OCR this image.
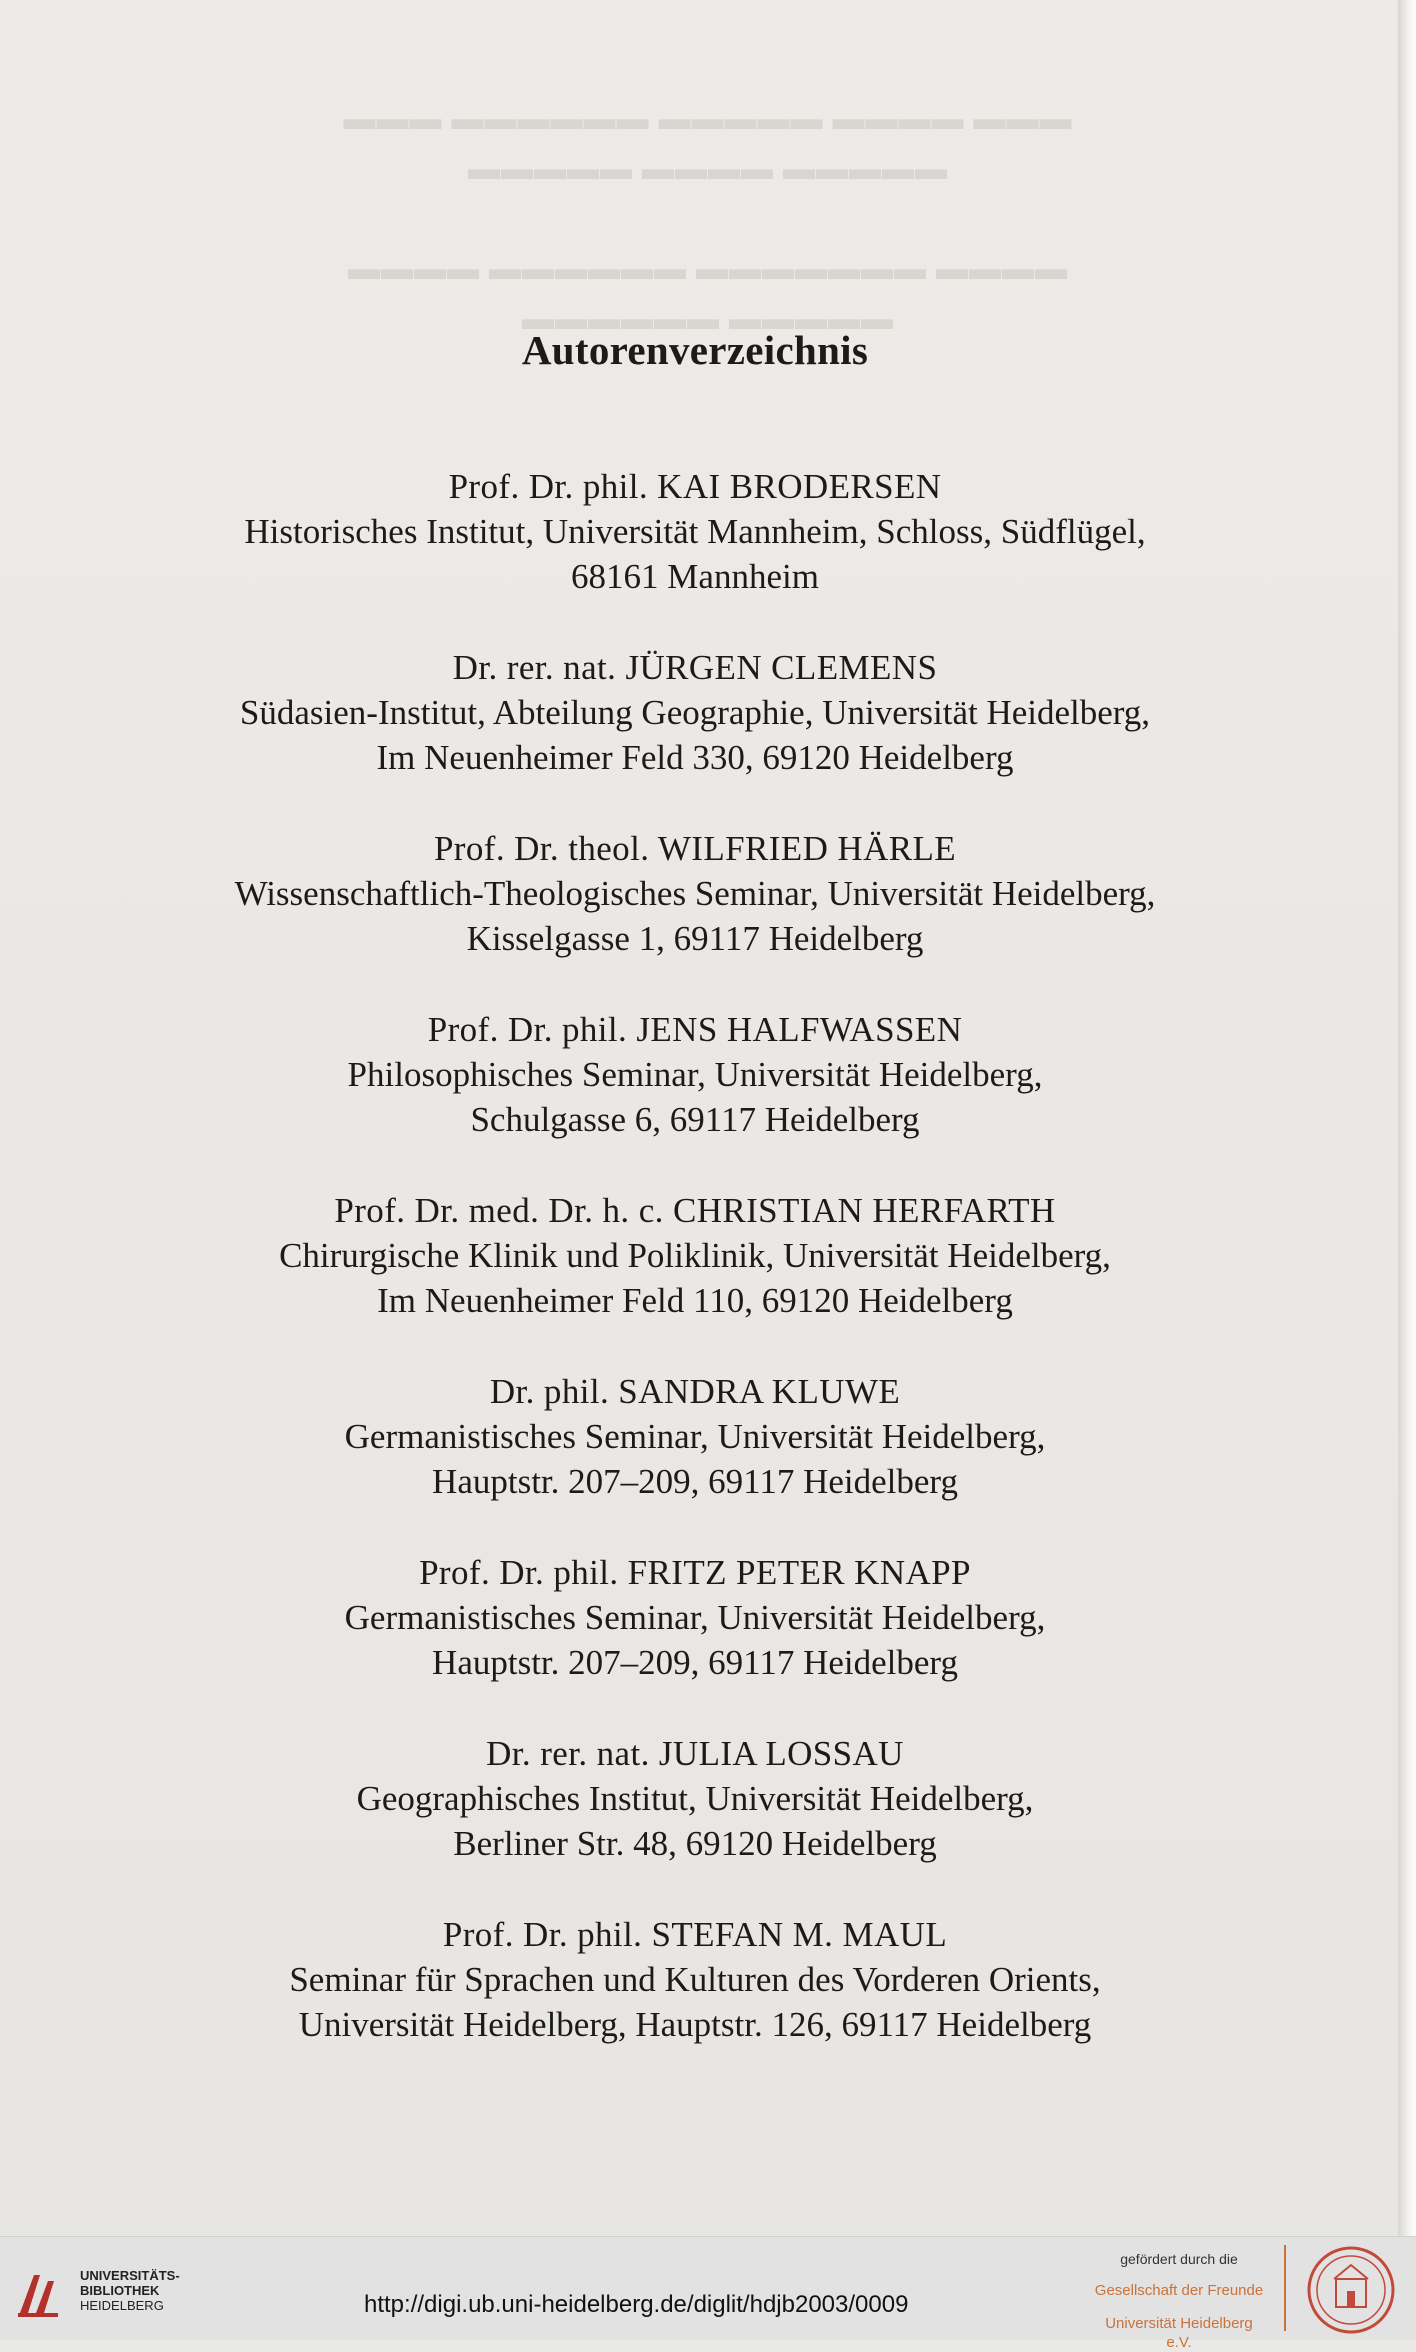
▬▬▬ ▬▬▬▬▬▬ ▬▬▬▬▬ ▬▬▬▬ ▬▬▬
▬▬▬▬▬ ▬▬▬▬ ▬▬▬▬▬
▬▬▬▬ ▬▬▬▬▬▬ ▬▬▬▬▬▬▬ ▬▬▬▬
▬▬▬▬▬▬ ▬▬▬▬▬
Autorenverzeichnis
Prof. Dr. phil. KAI BRODERSEN
Historisches Institut, Universität Mannheim, Schloss, Südflügel,
68161 Mannheim
Dr. rer. nat. JÜRGEN CLEMENS
Südasien-Institut, Abteilung Geographie, Universität Heidelberg,
Im Neuenheimer Feld 330, 69120 Heidelberg
Prof. Dr. theol. WILFRIED HÄRLE
Wissenschaftlich-Theologisches Seminar, Universität Heidelberg,
Kisselgasse 1, 69117 Heidelberg
Prof. Dr. phil. JENS HALFWASSEN
Philosophisches Seminar, Universität Heidelberg,
Schulgasse 6, 69117 Heidelberg
Prof. Dr. med. Dr. h. c. CHRISTIAN HERFARTH
Chirurgische Klinik und Poliklinik, Universität Heidelberg,
Im Neuenheimer Feld 110, 69120 Heidelberg
Dr. phil. SANDRA KLUWE
Germanistisches Seminar, Universität Heidelberg,
Hauptstr. 207–209, 69117 Heidelberg
Prof. Dr. phil. FRITZ PETER KNAPP
Germanistisches Seminar, Universität Heidelberg,
Hauptstr. 207–209, 69117 Heidelberg
Dr. rer. nat. JULIA LOSSAU
Geographisches Institut, Universität Heidelberg,
Berliner Str. 48, 69120 Heidelberg
Prof. Dr. phil. STEFAN M. MAUL
Seminar für Sprachen und Kulturen des Vorderen Orients,
Universität Heidelberg, Hauptstr. 126, 69117 Heidelberg
UNIVERSITÄTS-
BIBLIOTHEK
HEIDELBERG	http://digi.ub.uni-heidelberg.de/diglit/hdjb2003/0009
gefördert durch die
Gesellschaft der Freunde
Universität Heidelberg e.V.
